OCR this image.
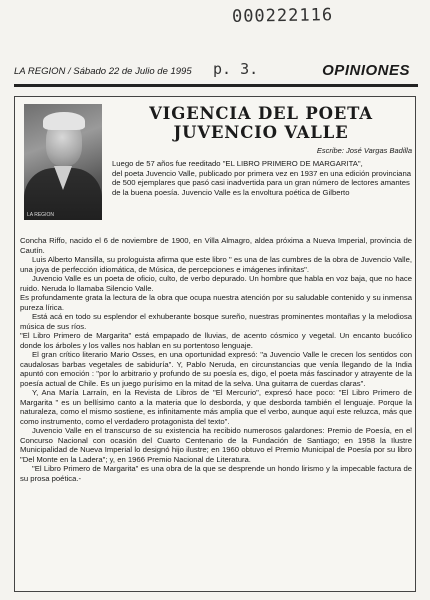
000222116
LA REGION / Sábado 22 de Julio de 1995 p. 3.	OPINIONES
LA REGION
VIGENCIA DEL POETA
JUVENCIO VALLE
Escribe: José Vargas Badilla

Luego de 57 años fue reeditado "EL LIBRO PRIMERO DE MARGARITA",

del poeta Juvencio Valle, publicado por primera vez en 1937 en una edición provinciana de 500 ejemplares que pasó casi inadvertida para un gran número de lectores amantes de la buena poesía. Juvencio Valle es la envoltura poética de Gilberto

Concha Riffo, nacido el 6 de noviembre de 1900, en Villa Almagro, aldea próxima a Nueva Imperial, provincia de Cautín.

Luis Alberto Mansilla, su prologuista afirma que este libro " es una de las cumbres de la obra de Juvencio Valle, una joya de perfección idiomática, de Música, de percepciones e imágenes infinitas".

Juvencio Valle es un poeta de oficio, culto, de verbo depurado. Un hombre que habla en voz baja, que no hace ruido. Neruda lo llamaba Silencio Valle.

Es profundamente grata la lectura de la obra que ocupa nuestra atención por su saludable contenido y su inmensa pureza lírica.

Está acá en todo su esplendor el exhuberante bosque sureño, nuestras prominentes montañas y la melodiosa música de sus ríos.

"El Libro Primero de Margarita" está empapado de lluvias, de acento cósmico y vegetal. Un encanto bucólico donde los árboles y los valles nos hablan en su portentoso lenguaje.

El gran crítico literario Mario Osses, en una oportunidad expresó: "a Juvencio Valle le crecen los sentidos con caudalosas barbas vegetales de sabiduría". Y, Pablo Neruda, en circunstancias que venía llegando de la India apuntó con emoción : "por lo arbitrario y profundo de su poesía es, digo, el poeta más fascinador y atrayente de la poesía actual de Chile. Es un juego purísimo en la mitad de la selva. Una guitarra de cuerdas claras".

Y, Ana María Larraín, en la Revista de Libros de "El Mercurio", expresó hace poco: "El Libro Primero de Margarita " es un bellísimo canto a la materia que lo desborda, y que desborda también el lenguaje. Porque la naturaleza, como el mismo sostiene, es infinitamente más amplia que el verbo, aunque aquí este reluzca, más que como instrumento, como el verdadero protagonista del texto".

Juvencio Valle en el transcurso de su existencia ha recibido numerosos galardones: Premio de Poesía, en el Concurso Nacional con ocasión del Cuarto Centenario de la Fundación de Santiago; en 1958 la Ilustre Municipalidad de Nueva Imperial lo designó hijo ilustre; en 1960 obtuvo el Premio Municipal de Poesía por su libro "Del Monte en la Ladera"; y, en 1966 Premio Nacional de Literatura.

"El Libro Primero de Margarita" es una obra de la que se desprende un hondo lirismo y la impecable factura de su prosa poética.-
